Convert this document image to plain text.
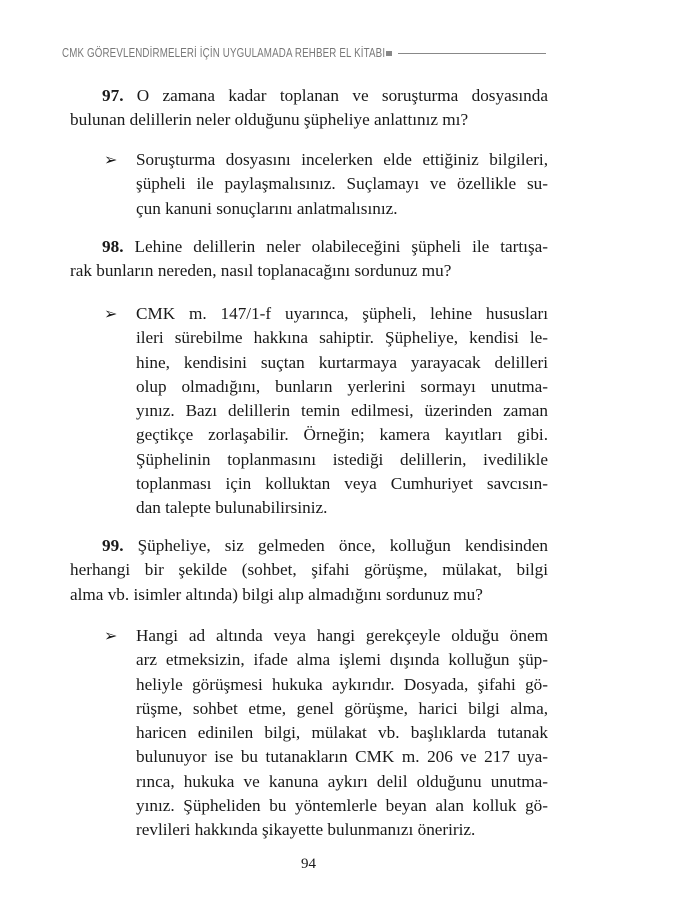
CMK GÖREVLENDİRMELERİ İÇİN UYGULAMADA REHBER EL KİTABI
97. O zamana kadar toplanan ve soruşturma dosyasında
bulunan delillerin neler olduğunu şüpheliye anlattınız mı?
➢ Soruşturma dosyasını incelerken elde ettiğiniz bilgileri,
şüpheli ile paylaşmalısınız. Suçlamayı ve özellikle su-
çun kanuni sonuçlarını anlatmalısınız.
98. Lehine delillerin neler olabileceğini şüpheli ile tartışa-
rak bunların nereden, nasıl toplanacağını sordunuz mu?
➢ CMK m. 147/1-f uyarınca, şüpheli, lehine hususları
ileri sürebilme hakkına sahiptir. Şüpheliye, kendisi le-
hine, kendisini suçtan kurtarmaya yarayacak delilleri
olup olmadığını, bunların yerlerini sormayı unutma-
yınız. Bazı delillerin temin edilmesi, üzerinden zaman
geçtikçe zorlaşabilir. Örneğin; kamera kayıtları gibi.
Şüphelinin toplanmasını istediği delillerin, ivedilikle
toplanması için kolluktan veya Cumhuriyet savcısın-
dan talepte bulunabilirsiniz.
99. Şüpheliye, siz gelmeden önce, kolluğun kendisinden
herhangi bir şekilde (sohbet, şifahi görüşme, mülakat, bilgi
alma vb. isimler altında) bilgi alıp almadığını sordunuz mu?
➢ Hangi ad altında veya hangi gerekçeyle olduğu önem
arz etmeksizin, ifade alma işlemi dışında kolluğun şüp-
heliyle görüşmesi hukuka aykırıdır. Dosyada, şifahi gö-
rüşme, sohbet etme, genel görüşme, harici bilgi alma,
haricen edinilen bilgi, mülakat vb. başlıklarda tutanak
bulunuyor ise bu tutanakların CMK m. 206 ve 217 uya-
rınca, hukuka ve kanuna aykırı delil olduğunu unutma-
yınız. Şüpheliden bu yöntemlerle beyan alan kolluk gö-
revlileri hakkında şikayette bulunmanızı öneririz.
94
